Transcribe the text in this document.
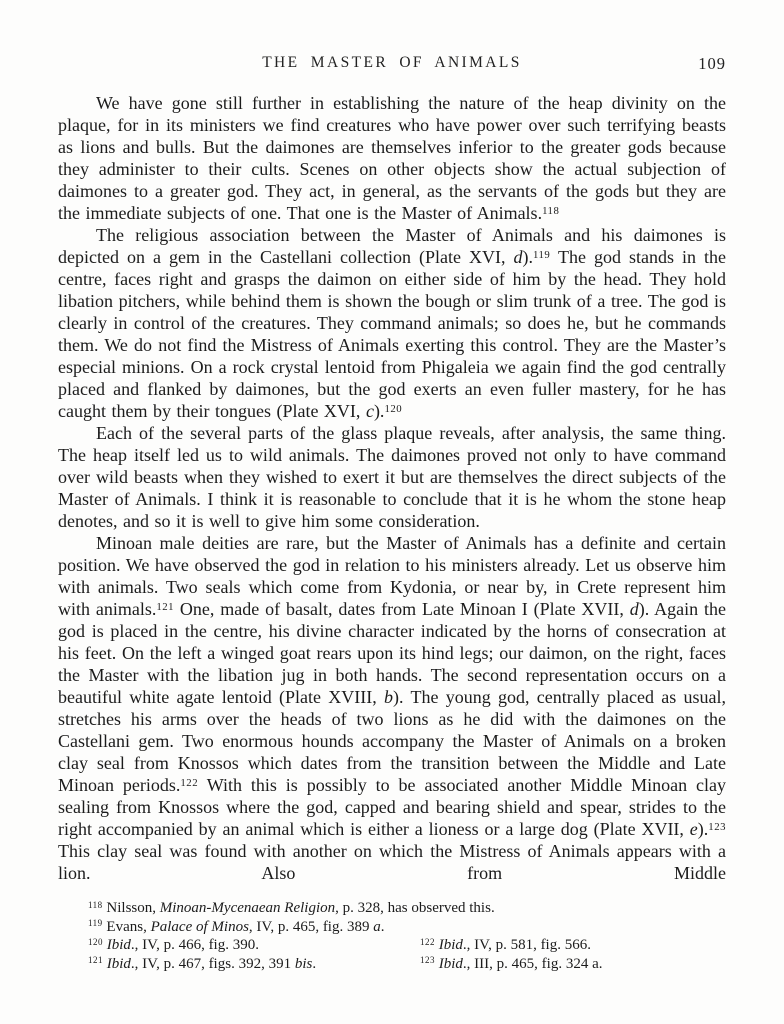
THE MASTER OF ANIMALS	109

We have gone still further in establishing the nature of the heap divinity on the plaque, for in its ministers we find creatures who have power over such terrifying beasts as lions and bulls. But the daimones are themselves inferior to the greater gods because they administer to their cults. Scenes on other objects show the actual subjection of daimones to a greater god. They act, in general, as the servants of the gods but they are the immediate subjects of one. That one is the Master of Animals.$^{118}$

The religious association between the Master of Animals and his daimones is depicted on a gem in the Castellani collection (Plate XVI, d).$^{119}$ The god stands in the centre, faces right and grasps the daimon on either side of him by the head. They hold libation pitchers, while behind them is shown the bough or slim trunk of a tree. The god is clearly in control of the creatures. They command animals; so does he, but he commands them. We do not find the Mistress of Animals exerting this control. They are the Master’s especial minions. On a rock crystal lentoid from Phigaleia we again find the god centrally placed and flanked by daimones, but the god exerts an even fuller mastery, for he has caught them by their tongues (Plate XVI, c).$^{120}$

Each of the several parts of the glass plaque reveals, after analysis, the same thing. The heap itself led us to wild animals. The daimones proved not only to have command over wild beasts when they wished to exert it but are themselves the direct subjects of the Master of Animals. I think it is reasonable to conclude that it is he whom the stone heap denotes, and so it is well to give him some consideration.

Minoan male deities are rare, but the Master of Animals has a definite and certain position. We have observed the god in relation to his ministers already. Let us observe him with animals. Two seals which come from Kydonia, or near by, in Crete represent him with animals.$^{121}$ One, made of basalt, dates from Late Minoan I (Plate XVII, d). Again the god is placed in the centre, his divine character indicated by the horns of consecration at his feet. On the left a winged goat rears upon its hind legs; our daimon, on the right, faces the Master with the libation jug in both hands. The second representation occurs on a beautiful white agate lentoid (Plate XVIII, b). The young god, centrally placed as usual, stretches his arms over the heads of two lions as he did with the daimones on the Castellani gem. Two enormous hounds accompany the Master of Animals on a broken clay seal from Knossos which dates from the transition between the Middle and Late Minoan periods.$^{122}$ With this is possibly to be associated another Middle Minoan clay sealing from Knossos where the god, capped and bearing shield and spear, strides to the right accompanied by an animal which is either a lioness or a large dog (Plate XVII, e).$^{123}$ This clay seal was found with another on which the Mistress of Animals appears with a lion. Also from Middle

$^{118}$ Nilsson, Minoan-Mycenaean Religion, p. 328, has observed this.
$^{119}$ Evans, Palace of Minos, IV, p. 465, fig. 389 a.
$^{120}$ Ibid., IV, p. 466, fig. 390.	$^{122}$ Ibid., IV, p. 581, fig. 566.
$^{121}$ Ibid., IV, p. 467, figs. 392, 391 bis.	$^{123}$ Ibid., III, p. 465, fig. 324 a.
